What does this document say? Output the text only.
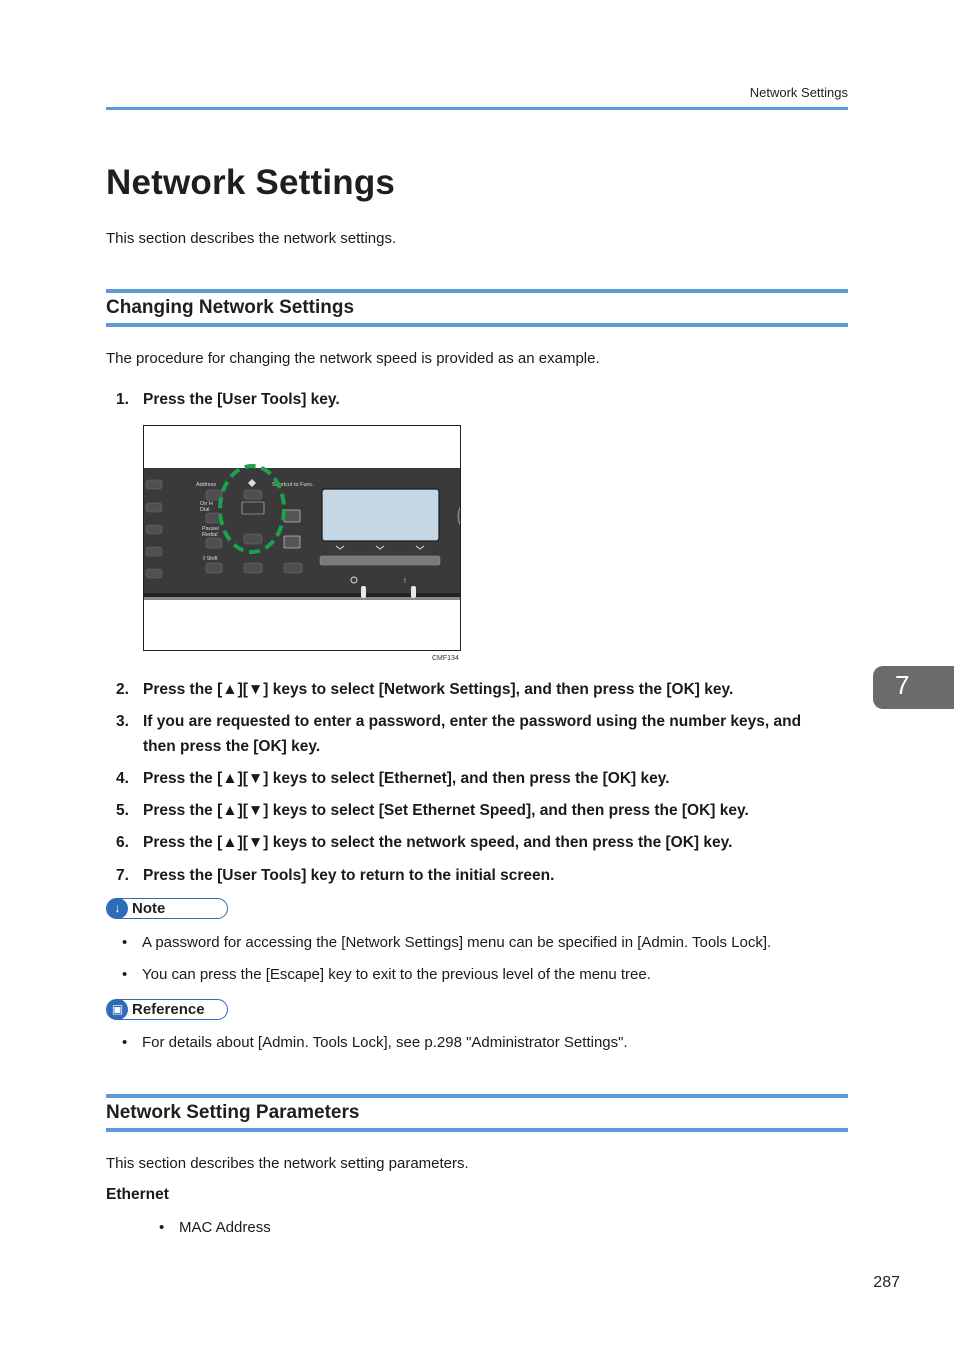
Network Settings
Network Settings

This section describes the network settings.

Changing Network Settings

The procedure for changing the network speed is provided as an example.

1. Press the [User Tools] key.
Address
On H
Dial
Pause/
Redial
⇧Shift
Shortcut to Func.
!
CMF134
7
2. Press the [▲][▼] keys to select [Network Settings], and then press the [OK] key.
3. If you are requested to enter a password, enter the password using the number keys, and then press the [OK] key.
4. Press the [▲][▼] keys to select [Ethernet], and then press the [OK] key.
5. Press the [▲][▼] keys to select [Set Ethernet Speed], and then press the [OK] key.
6. Press the [▲][▼] keys to select the network speed, and then press the [OK] key.
7. Press the [User Tools] key to return to the initial screen.
↓ Note
• A password for accessing the [Network Settings] menu can be specified in [Admin. Tools Lock].
• You can press the [Escape] key to exit to the previous level of the menu tree.
▣ Reference
• For details about [Admin. Tools Lock], see p.298 "Administrator Settings".
Network Setting Parameters

This section describes the network setting parameters.

Ethernet
• MAC Address
287
